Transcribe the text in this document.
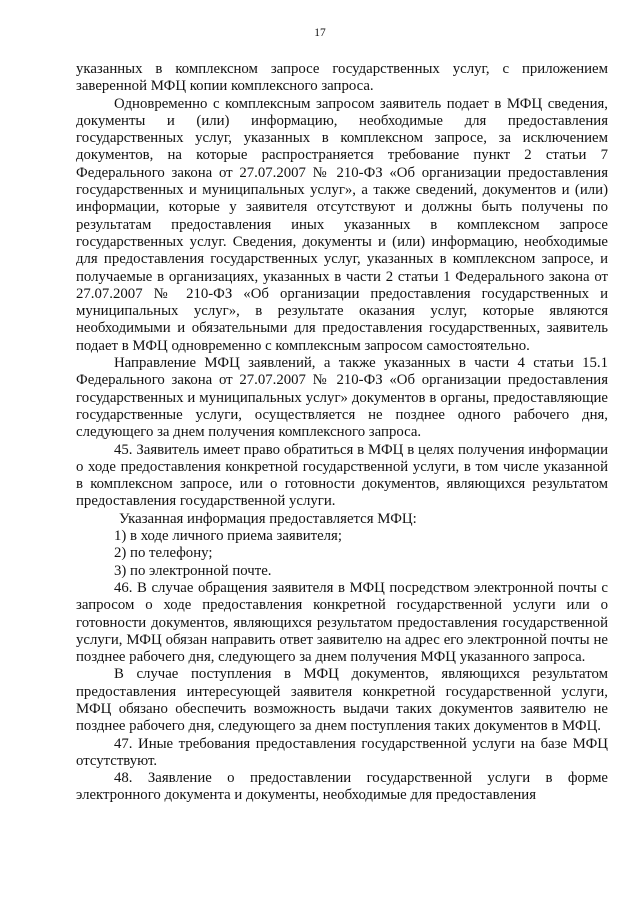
17

указанных в комплексном запросе государственных услуг, с приложением заверенной МФЦ копии комплексного запроса.

Одновременно с комплексным запросом заявитель подает в МФЦ сведения, документы и (или) информацию, необходимые для предоставления государственных услуг, указанных в комплексном запросе, за исключением документов, на которые распространяется требование пункт 2 статьи 7 Федерального закона от 27.07.2007 № 210-ФЗ «Об организации предоставления государственных и муниципальных услуг», а также сведений, документов и (или) информации, которые у заявителя отсутствуют и должны быть получены по результатам предоставления иных указанных в комплексном запросе государственных услуг. Сведения, документы и (или) информацию, необходимые для предоставления государственных услуг, указанных в комплексном запросе, и получаемые в организациях, указанных в части 2 статьи 1 Федерального закона от 27.07.2007 № 210-ФЗ «Об организации предоставления государственных и муниципальных услуг», в результате оказания услуг, которые являются необходимыми и обязательными для предоставления государственных, заявитель подает в МФЦ одновременно с комплексным запросом самостоятельно.

Направление МФЦ заявлений, а также указанных в части 4 статьи 15.1 Федерального закона от 27.07.2007 № 210-ФЗ «Об организации предоставления государственных и муниципальных услуг» документов в органы, предоставляющие государственные услуги, осуществляется не позднее одного рабочего дня, следующего за днем получения комплексного запроса.

45. Заявитель имеет право обратиться в МФЦ в целях получения информации о ходе предоставления конкретной государственной услуги, в том числе указанной в комплексном запросе, или о готовности документов, являющихся результатом предоставления государственной услуги.

Указанная информация предоставляется МФЦ:

1) в ходе личного приема заявителя;

2) по телефону;

3) по электронной почте.

46. В случае обращения заявителя в МФЦ посредством электронной почты с запросом о ходе предоставления конкретной государственной услуги или о готовности документов, являющихся результатом предоставления государственной услуги, МФЦ обязан направить ответ заявителю на адрес его электронной почты не позднее рабочего дня, следующего за днем получения МФЦ указанного запроса.

В случае поступления в МФЦ документов, являющихся результатом предоставления интересующей заявителя конкретной государственной услуги, МФЦ обязано обеспечить возможность выдачи таких документов заявителю не позднее рабочего дня, следующего за днем поступления таких документов в МФЦ.

47. Иные требования предоставления государственной услуги на базе МФЦ отсутствуют.

48. Заявление о предоставлении государственной услуги в форме электронного документа и документы, необходимые для предоставления
